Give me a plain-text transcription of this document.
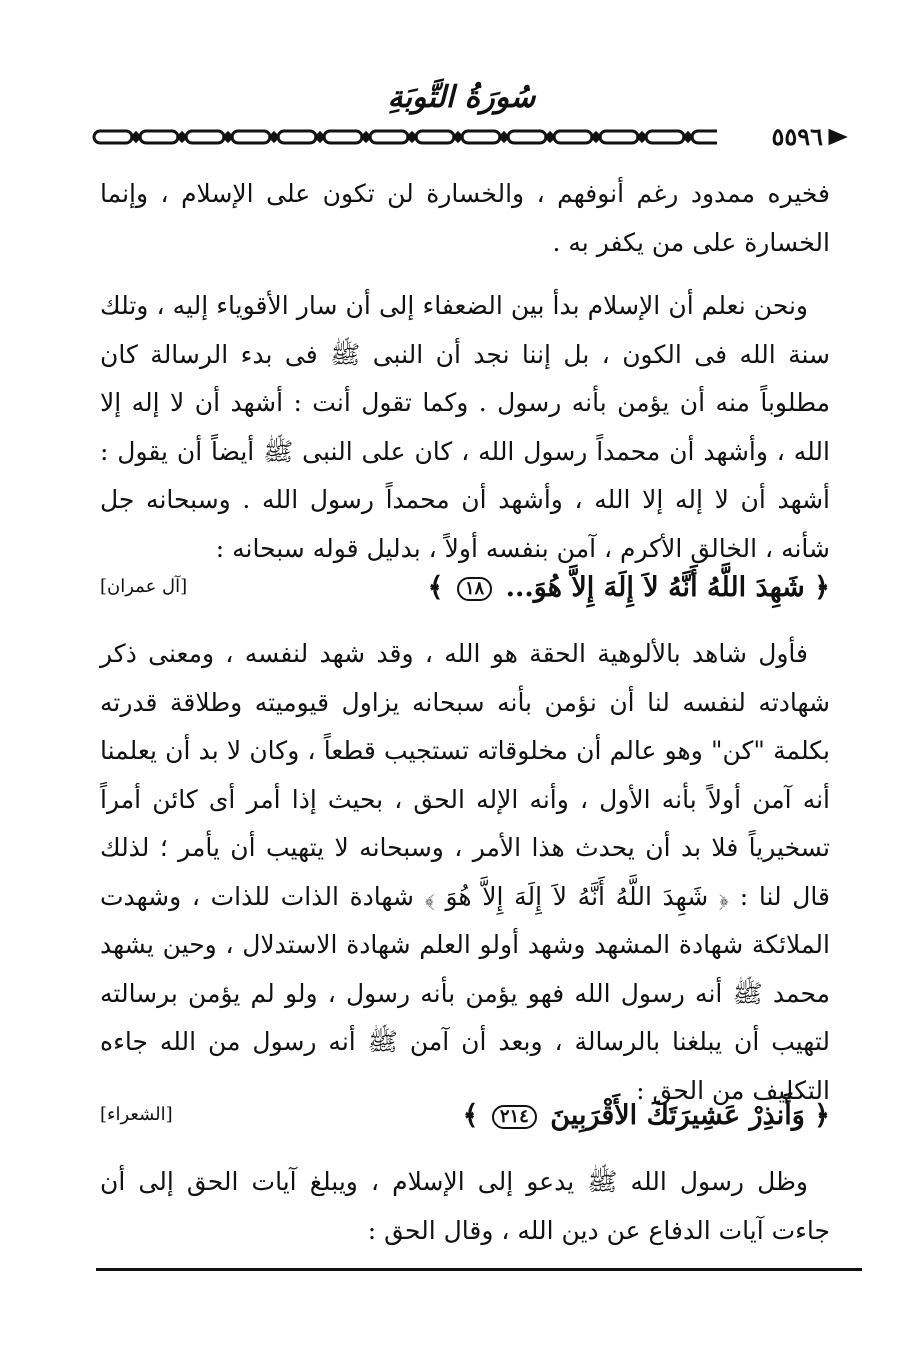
سُورَةُ التَّوبَةِ
٥٥٩٦

فخيره ممدود رغم أنوفهم ، والخسارة لن تكون على الإسلام ، وإنما الخسارة على من يكفر به .

ونحن نعلم أن الإسلام بدأ بين الضعفاء إلى أن سار الأقوياء إليه ، وتلك سنة الله فى الكون ، بل إننا نجد أن النبى ﷺ فى بدء الرسالة كان مطلوباً منه أن يؤمن بأنه رسول . وكما تقول أنت : أشهد أن لا إله إلا الله ، وأشهد أن محمداً رسول الله ، كان على النبى ﷺ أيضاً أن يقول : أشهد أن لا إله إلا الله ، وأشهد أن محمداً رسول الله . وسبحانه جل شأنه ، الخالق الأكرم ، آمن بنفسه أولاً ، بدليل قوله سبحانه :

﴿ شَهِدَ اللَّهُ أَنَّهُ لاَ إِلَهَ إِلاَّ هُوَ... ١٨ ﴾
[آل عمران]

فأول شاهد بالألوهية الحقة هو الله ، وقد شهد لنفسه ، ومعنى ذكر شهادته لنفسه لنا أن نؤمن بأنه سبحانه يزاول قيوميته وطلاقة قدرته بكلمة "كن" وهو عالم أن مخلوقاته تستجيب قطعاً ، وكان لا بد أن يعلمنا أنه آمن أولاً بأنه الأول ، وأنه الإله الحق ، بحيث إذا أمر أى كائن أمراً تسخيرياً فلا بد أن يحدث هذا الأمر ، وسبحانه لا يتهيب أن يأمر ؛ لذلك قال لنا : ﴿ شَهِدَ اللَّهُ أَنَّهُ لاَ إِلَهَ إِلاَّ هُوَ ﴾ شهادة الذات للذات ، وشهدت الملائكة شهادة المشهد وشهد أولو العلم شهادة الاستدلال ، وحين يشهد محمد ﷺ أنه رسول الله فهو يؤمن بأنه رسول ، ولو لم يؤمن برسالته لتهيب أن يبلغنا بالرسالة ، وبعد أن آمن ﷺ أنه رسول من الله جاءه التكليف من الحق :

﴿ وَأَنذِرْ عَشِيرَتَكَ الأَقْرَبِينَ ٢١٤ ﴾
[الشعراء]

وظل رسول الله ﷺ يدعو إلى الإسلام ، ويبلغ آيات الحق إلى أن جاءت آيات الدفاع عن دين الله ، وقال الحق :
